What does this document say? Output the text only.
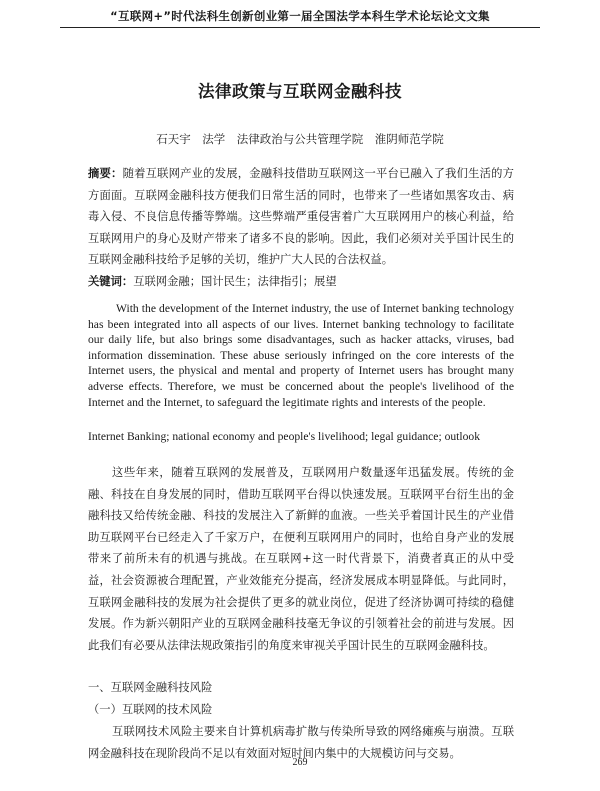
“互联网+”时代法科生创新创业第一届全国法学本科生学术论坛论文文集
法律政策与互联网金融科技
石天宇　法学　法律政治与公共管理学院　淮阴师范学院
摘要：随着互联网产业的发展，金融科技借助互联网这一平台已融入了我们生活的方方面面。互联网金融科技方便我们日常生活的同时，也带来了一些诸如黑客攻击、病毒入侵、不良信息传播等弊端。这些弊端严重侵害着广大互联网用户的核心利益，给互联网用户的身心及财产带来了诸多不良的影响。因此，我们必须对关乎国计民生的互联网金融科技给予足够的关切，维护广大人民的合法权益。
关键词：互联网金融；国计民生；法律指引；展望
With the development of the Internet industry, the use of Internet banking technology has been integrated into all aspects of our lives. Internet banking technology to facilitate our daily life, but also brings some disadvantages, such as hacker attacks, viruses, bad information dissemination. These abuse seriously infringed on the core interests of the Internet users, the physical and mental and property of Internet users has brought many adverse effects. Therefore, we must be concerned about the people's livelihood of the Internet and the Internet, to safeguard the legitimate rights and interests of the people.
Internet Banking; national economy and people's livelihood; legal guidance; outlook
这些年来，随着互联网的发展普及，互联网用户数量逐年迅猛发展。传统的金融、科技在自身发展的同时，借助互联网平台得以快速发展。互联网平台衍生出的金融科技又给传统金融、科技的发展注入了新鲜的血液。一些关乎着国计民生的产业借助互联网平台已经走入了千家万户，在便利互联网用户的同时，也给自身产业的发展带来了前所未有的机遇与挑战。在互联网+这一时代背景下，消费者真正的从中受益，社会资源被合理配置，产业效能充分提高，经济发展成本明显降低。与此同时，互联网金融科技的发展为社会提供了更多的就业岗位，促进了经济协调可持续的稳健发展。作为新兴朝阳产业的互联网金融科技毫无争议的引领着社会的前进与发展。因此我们有必要从法律法规政策指引的角度来审视关乎国计民生的互联网金融科技。
一、互联网金融科技风险
（一）互联网的技术风险
互联网技术风险主要来自计算机病毒扩散与传染所导致的网络瘫痪与崩溃。互联网金融科技在现阶段尚不足以有效面对短时间内集中的大规模访问与交易。
269
